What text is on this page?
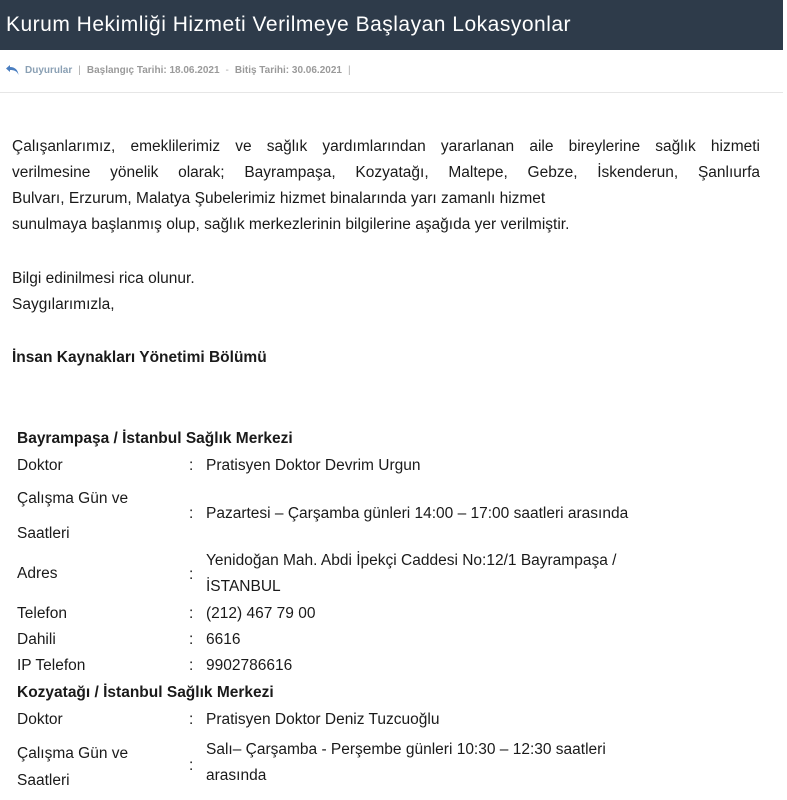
Kurum Hekimliği Hizmeti Verilmeye Başlayan Lokasyonlar
Duyurular | Başlangıç Tarihi: 18.06.2021 - Bitiş Tarihi: 30.06.2021 |
Çalışanlarımız, emeklilerimiz ve sağlık yardımlarından yararlanan aile bireylerine sağlık hizmeti
verilmesine yönelik olarak; Bayrampaşa, Kozyatağı, Maltepe, Gebze, İskenderun, Şanlıurfa
Bulvarı, Erzurum, Malatya Şubelerimiz hizmet binalarında yarı zamanlı hizmet
sunulmaya başlanmış olup, sağlık merkezlerinin bilgilerine aşağıda yer verilmiştir.
Bilgi edinilmesi rica olunur.
Saygılarımızla,
İnsan Kaynakları Yönetimi Bölümü
Bayrampaşa / İstanbul Sağlık Merkezi
Doktor	: Pratisyen Doktor Devrim Urgun
Çalışma Gün ve
Saatleri
: Pazartesi – Çarşamba günleri 14:00 – 17:00 saatleri arasında
Adres	:
Yenidoğan Mah. Abdi İpekçi Caddesi No:12/1 Bayrampaşa /
İSTANBUL
Telefon	: (212) 467 79 00
Dahili	: 6616
IP Telefon	: 9902786616
Kozyatağı / İstanbul Sağlık Merkezi
Doktor	: Pratisyen Doktor Deniz Tuzcuoğlu
Çalışma Gün ve
Saatleri
:
Salı– Çarşamba - Perşembe günleri 10:30 – 12:30 saatleri
arasında
